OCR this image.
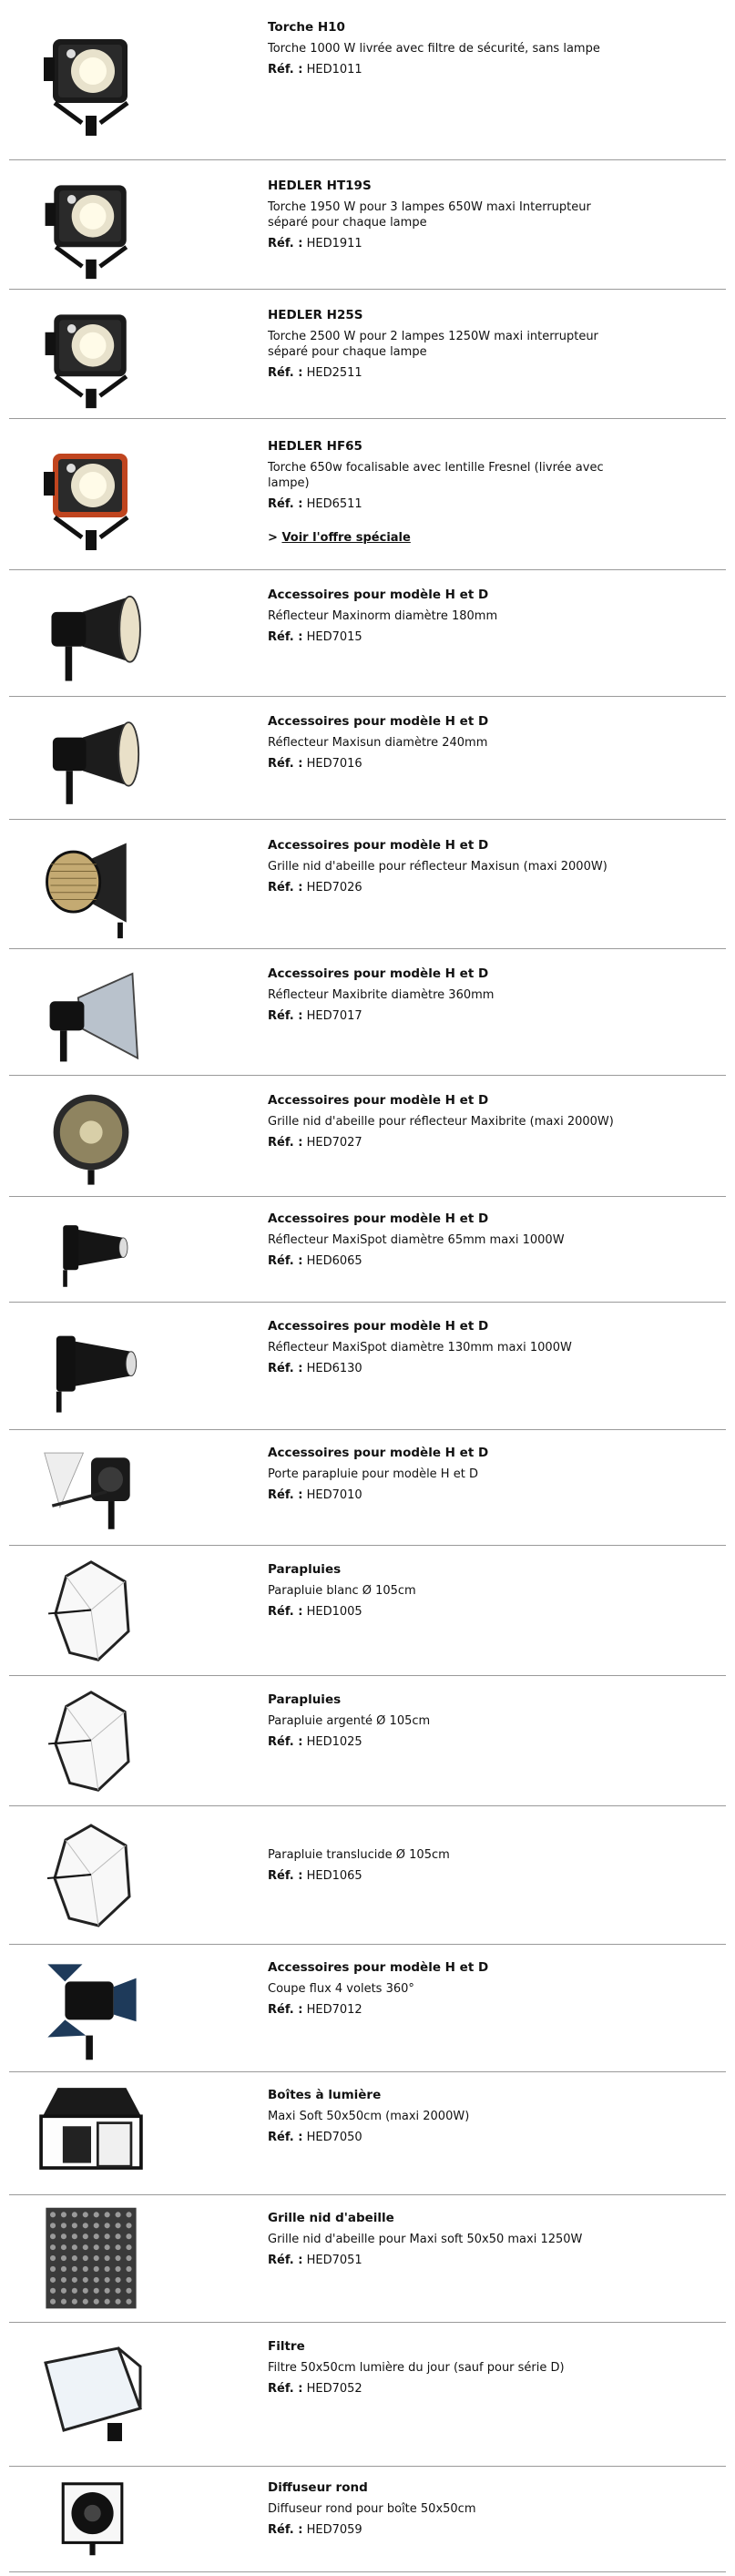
Torche H10
Torche 1000 W livrée avec filtre de sécurité, sans lampe
Réf. : HED1011
HEDLER HT19S
Torche 1950 W pour 3 lampes 650W maxi Interrupteur séparé pour chaque lampe
Réf. : HED1911
HEDLER H25S
Torche 2500 W pour 2 lampes 1250W maxi interrupteur séparé pour chaque lampe
Réf. : HED2511
HEDLER HF65
Torche 650w focalisable avec lentille Fresnel (livrée avec lampe)
Réf. : HED6511
> Voir l'offre spéciale
Accessoires pour modèle H et D
Réflecteur Maxinorm diamètre 180mm
Réf. : HED7015
Accessoires pour modèle H et D
Réflecteur Maxisun diamètre 240mm
Réf. : HED7016
Accessoires pour modèle H et D
Grille nid d'abeille pour réflecteur Maxisun (maxi 2000W)
Réf. : HED7026
Accessoires pour modèle H et D
Réflecteur Maxibrite diamètre 360mm
Réf. : HED7017
Accessoires pour modèle H et D
Grille nid d'abeille pour réflecteur Maxibrite (maxi 2000W)
Réf. : HED7027
Accessoires pour modèle H et D
Réflecteur MaxiSpot diamètre 65mm maxi 1000W
Réf. : HED6065
Accessoires pour modèle H et D
Réflecteur MaxiSpot diamètre 130mm maxi 1000W
Réf. : HED6130
Accessoires pour modèle H et D
Porte parapluie pour modèle H et D
Réf. : HED7010
Parapluies
Parapluie blanc Ø 105cm
Réf. : HED1005
Parapluies
Parapluie argenté Ø 105cm
Réf. : HED1025
Parapluie translucide Ø 105cm
Réf. : HED1065
Accessoires pour modèle H et D
Coupe flux 4 volets 360°
Réf. : HED7012
Boîtes à lumière
Maxi Soft 50x50cm (maxi 2000W)
Réf. : HED7050
Grille nid d'abeille
Grille nid d'abeille pour Maxi soft 50x50 maxi 1250W
Réf. : HED7051
Filtre
Filtre 50x50cm lumière du jour (sauf pour série D)
Réf. : HED7052
Diffuseur rond
Diffuseur rond pour boîte 50x50cm
Réf. : HED7059
